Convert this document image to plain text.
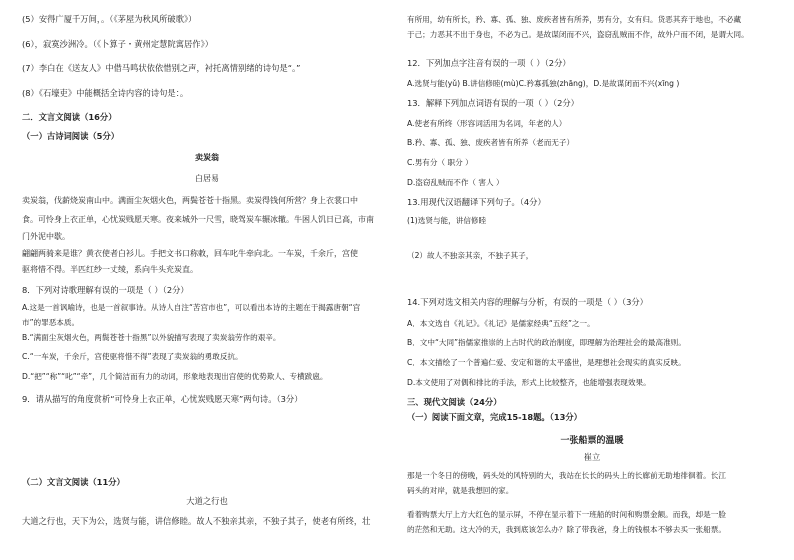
(5）安得广厦千万间，。（《茅屋为秋风所破歌》）
(6），寂寞沙洲冷。（《卜算子・黄州定慧院寓居作》）
(7）李白在《送友人》中借马鸣状依依惜别之声，衬托离情别绪的诗句是“。”
(8）《石壕吏》中能概括全诗内容的诗句是：。
二．文言文阅读（16分）
（一）古诗词阅读（5分）
卖炭翁
白居易
卖炭翁，伐薪烧炭南山中。满面尘灰烟火色，两鬓苍苍十指黑。卖炭得钱何所营？身上衣裳口中
食。可怜身上衣正单，心忧炭贱愿天寒。夜来城外一尺雪，晓驾炭车辗冰辙。牛困人饥日已高，市南
门外泥中歇。
翩翩两骑来是谁？黄衣使者白衫儿。手把文书口称敕，回车叱牛牵向北。一车炭，千余斤，宫使
驱将惜不得。半匹红纱一丈绫，系向牛头充炭直。
8．下列对诗歌理解有误的一项是（ ）（2分）
A.这是一首讽喻诗，也是一首叙事诗。从诗人自注“苦宫市也”，可以看出本诗的主题在于揭露唐朝“宫
市”的罪恶本质。
B.“满面尘灰烟火色，两鬓苍苍十指黑”以外貌描写表现了卖炭翁劳作的艰辛。
C.“一车炭，千余斤，宫使驱将惜不得”表现了卖炭翁的勇敢反抗。
D.“把”“称”“叱”“牵”，几个简洁而有力的动词，形象地表现出宫使的优势欺人、专横跋扈。
9．请从描写的角度赏析“可怜身上衣正单，心忧炭贱愿天寒”两句诗。（3分）
（二）文言文阅读（11分）
大道之行也
大道之行也，天下为公，选贤与能，讲信修睦。故人不独亲其亲，不独子其子，使老有所终，壮
有所用，幼有所长，矜、寡、孤、独、废疾者皆有所养，男有分，女有归。货恶其弃于地也，不必藏
于己；力恶其不出于身也，不必为己。是故谋闭而不兴，盗窃乱贼而不作，故外户而不闭，是谓大同。
12．下列加点字注音有误的一项（ ）（2分）
A.选贤与能(yǔ) B.讲信修睦(mù)C.矜寡孤独(zhāng)，D.是故谋闭而不兴(xīng )
13．解释下列加点词语有误的一项（ ）（2分）
A.使老有所终（形容词活用为名词，年老的人）
B.矜、寡、孤、独、废疾者皆有所养（老而无子）
C.男有分（ 职分 ）
D.盗窃乱贼而不作（ 害人 ）
13.用现代汉语翻译下列句子。（4分）
(1)选贤与能，讲信修睦
（2）故人不独亲其亲，不独子其子，
14.下列对选文相关内容的理解与分析，有误的一项是（ ）（3分）
A．本文选自《礼记》。《礼记》是儒家经典“五经”之一。
B．文中“大同”指儒家推崇的上古时代的政治制度，即理解为治理社会的最高准则。
C．本文描绘了一个普遍仁爱、安定和谐的太平盛世，是理想社会现实的真实反映。
D.本文使用了对偶和排比的手法，形式上比较整齐，也能增强表现效果。
三、现代文阅读（24分）
（一）阅读下面文章，完成15-18题。（13分）
一张船票的温暖
崔立
那是一个冬日的傍晚，码头处的风特别的大，我站在长长的码头上的长廊前无助地徘徊着。长江
码头的对岸，就是我想回的家。
看着购票大厅上方大红色的显示屏，不停在显示着下一班船的时间和购票金额。而我，却是一脸
的茫然和无助。这大冷的天，我到底该怎么办？除了带我爸，身上的钱根本不够去买一张船票。
